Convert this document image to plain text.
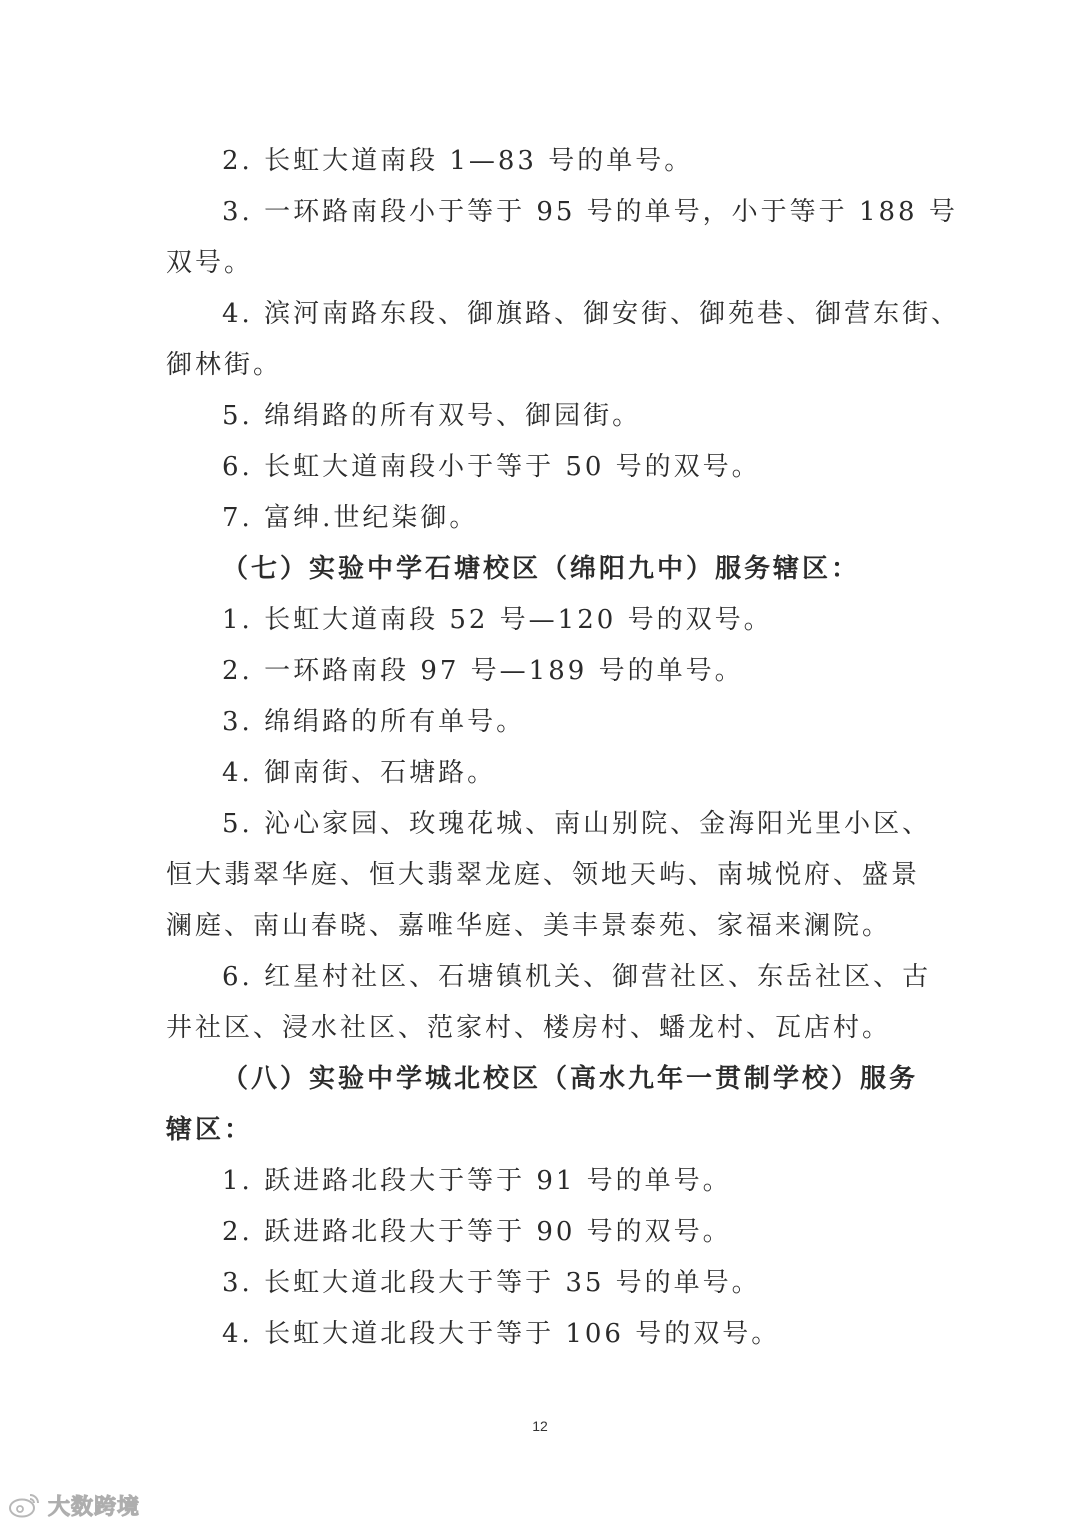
2. 长虹大道南段 1—83 号的单号。
3. 一环路南段小于等于 95 号的单号，小于等于 188 号
双号。
4. 滨河南路东段、御旗路、御安街、御苑巷、御营东街、
御林街。
5. 绵绢路的所有双号、御园街。
6. 长虹大道南段小于等于 50 号的双号。
7. 富绅.世纪柒御。
（七）实验中学石塘校区（绵阳九中）服务辖区：
1. 长虹大道南段 52 号—120 号的双号。
2. 一环路南段 97 号—189 号的单号。
3. 绵绢路的所有单号。
4. 御南街、石塘路。
5. 沁心家园、玫瑰花城、南山别院、金海阳光里小区、
恒大翡翠华庭、恒大翡翠龙庭、领地天屿、南城悦府、盛景
澜庭、南山春晓、嘉唯华庭、美丰景泰苑、家福来澜院。
6. 红星村社区、石塘镇机关、御营社区、东岳社区、古
井社区、浸水社区、范家村、楼房村、蟠龙村、瓦店村。
（八）实验中学城北校区（高水九年一贯制学校）服务
辖区：
1. 跃进路北段大于等于 91 号的单号。
2. 跃进路北段大于等于 90 号的双号。
3. 长虹大道北段大于等于 35 号的单号。
4. 长虹大道北段大于等于 106 号的双号。
12
大数跨境
